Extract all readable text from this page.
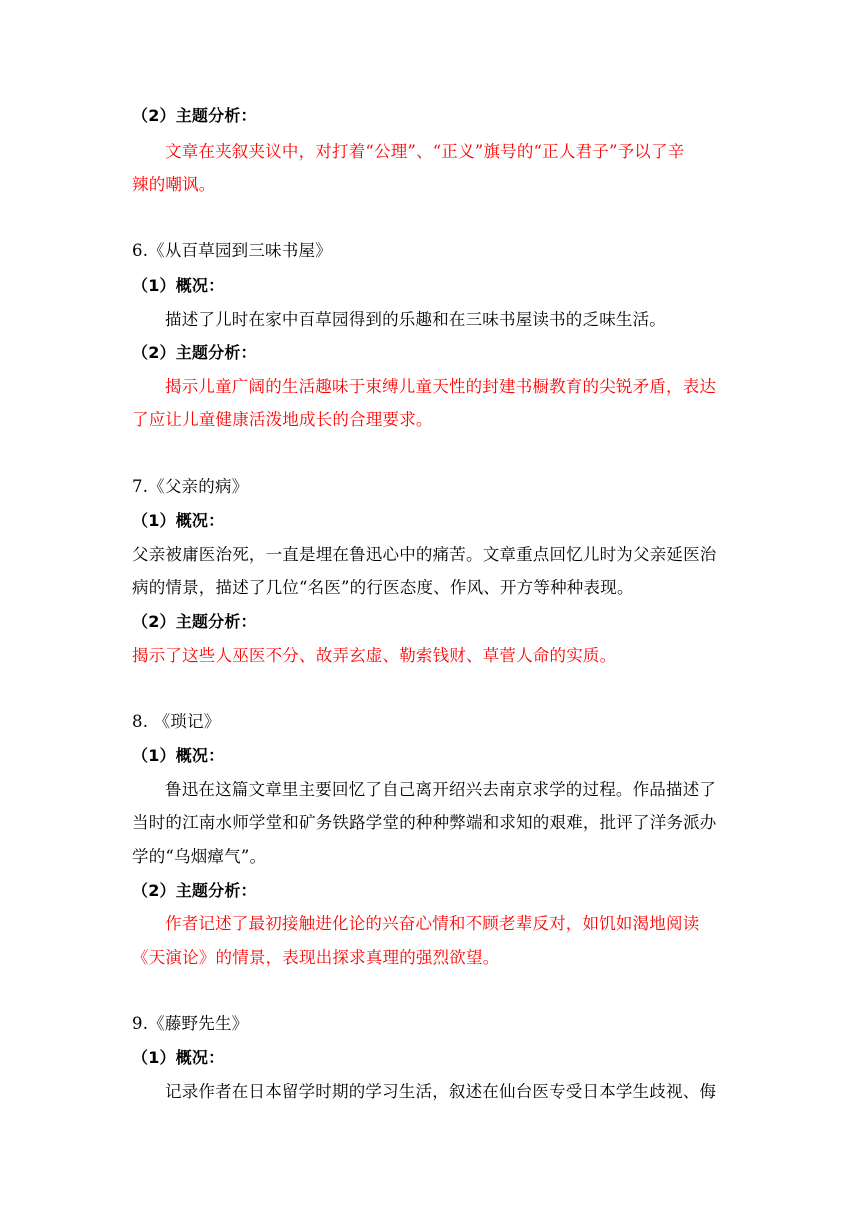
（2）主题分析：
文章在夹叙夹议中，对打着“公理”、“正义”旗号的“正人君子”予以了辛
辣的嘲讽。
6.《从百草园到三味书屋》
（1）概况：
描述了儿时在家中百草园得到的乐趣和在三味书屋读书的乏味生活。
（2）主题分析：
揭示儿童广阔的生活趣味于束缚儿童天性的封建书橱教育的尖锐矛盾，表达
了应让儿童健康活泼地成长的合理要求。
7.《父亲的病》
（1）概况：
父亲被庸医治死，一直是埋在鲁迅心中的痛苦。文章重点回忆儿时为父亲延医治
病的情景，描述了几位“名医”的行医态度、作风、开方等种种表现。
（2）主题分析：
揭示了这些人巫医不分、故弄玄虚、勒索钱财、草菅人命的实质。
8. 《琐记》
（1）概况：
鲁迅在这篇文章里主要回忆了自己离开绍兴去南京求学的过程。作品描述了
当时的江南水师学堂和矿务铁路学堂的种种弊端和求知的艰难，批评了洋务派办
学的“乌烟瘴气”。
（2）主题分析：
作者记述了最初接触进化论的兴奋心情和不顾老辈反对，如饥如渴地阅读
《天演论》的情景，表现出探求真理的强烈欲望。
9.《藤野先生》
（1）概况：
记录作者在日本留学时期的学习生活，叙述在仙台医专受日本学生歧视、侮
